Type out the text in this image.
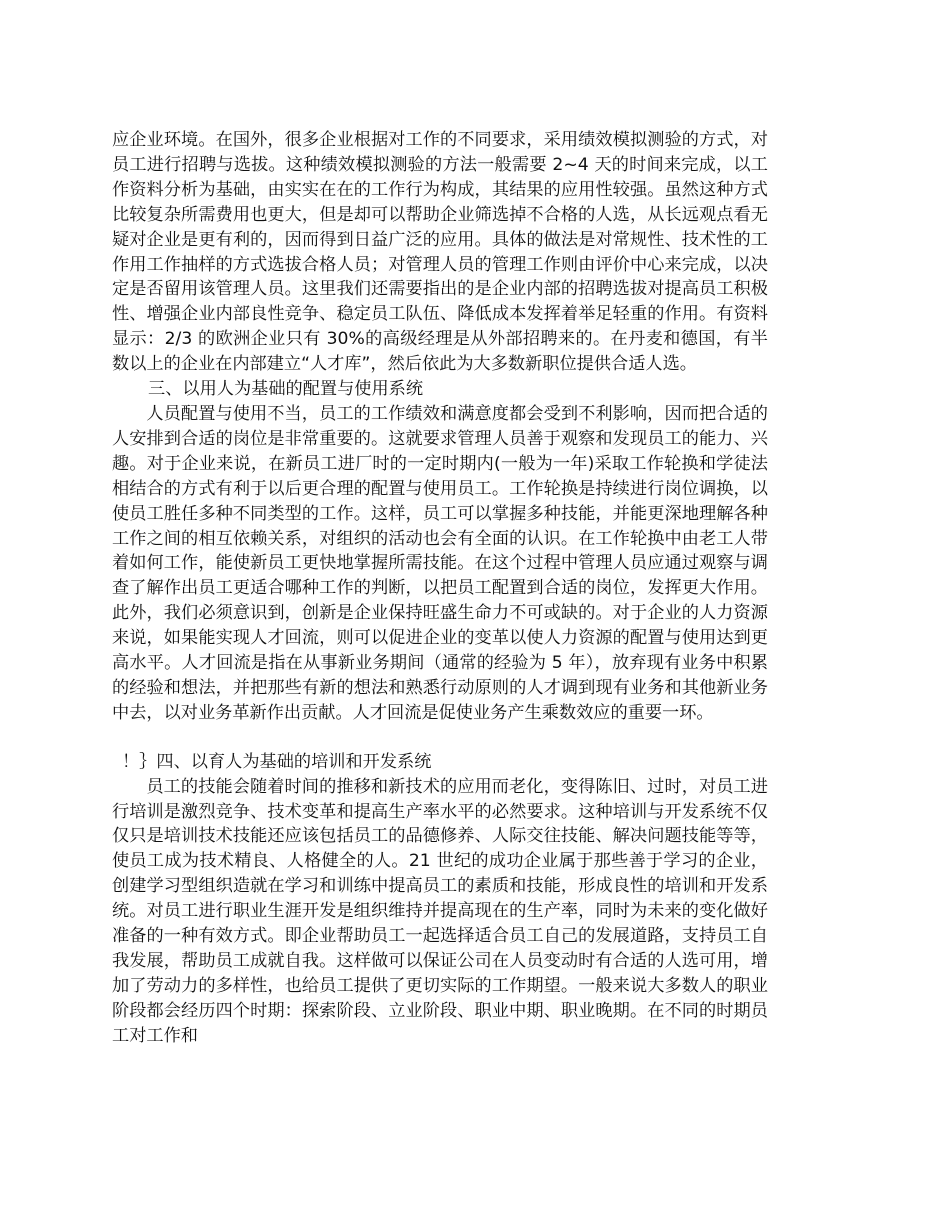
应企业环境。在国外，很多企业根据对工作的不同要求，采用绩效模拟测验的方式，对员工进行招聘与选拔。这种绩效模拟测验的方法一般需要 2~4 天的时间来完成，以工作资料分析为基础，由实实在在的工作行为构成，其结果的应用性较强。虽然这种方式比较复杂所需费用也更大，但是却可以帮助企业筛选掉不合格的人选，从长远观点看无疑对企业是更有利的，因而得到日益广泛的应用。具体的做法是对常规性、技术性的工作用工作抽样的方式选拔合格人员；对管理人员的管理工作则由评价中心来完成，以决定是否留用该管理人员。这里我们还需要指出的是企业内部的招聘选拔对提高员工积极性、增强企业内部良性竞争、稳定员工队伍、降低成本发挥着举足轻重的作用。有资料显示：2/3 的欧洲企业只有 30%的高级经理是从外部招聘来的。在丹麦和德国，有半数以上的企业在内部建立“人才库”，然后依此为大多数新职位提供合适人选。

三、以用人为基础的配置与使用系统

人员配置与使用不当，员工的工作绩效和满意度都会受到不利影响，因而把合适的人安排到合适的岗位是非常重要的。这就要求管理人员善于观察和发现员工的能力、兴趣。对于企业来说，在新员工进厂时的一定时期内(一般为一年)采取工作轮换和学徒法相结合的方式有利于以后更合理的配置与使用员工。工作轮换是持续进行岗位调换，以使员工胜任多种不同类型的工作。这样，员工可以掌握多种技能，并能更深地理解各种工作之间的相互依赖关系，对组织的活动也会有全面的认识。在工作轮换中由老工人带着如何工作，能使新员工更快地掌握所需技能。在这个过程中管理人员应通过观察与调查了解作出员工更适合哪种工作的判断，以把员工配置到合适的岗位，发挥更大作用。此外，我们必须意识到，创新是企业保持旺盛生命力不可或缺的。对于企业的人力资源来说，如果能实现人才回流，则可以促进企业的变革以使人力资源的配置与使用达到更高水平。人才回流是指在从事新业务期间（通常的经验为 5 年），放弃现有业务中积累的经验和想法，并把那些有新的想法和熟悉行动原则的人才调到现有业务和其他新业务中去，以对业务革新作出贡献。人才回流是促使业务产生乘数效应的重要一环。

！｝四、以育人为基础的培训和开发系统

员工的技能会随着时间的推移和新技术的应用而老化，变得陈旧、过时，对员工进行培训是激烈竞争、技术变革和提高生产率水平的必然要求。这种培训与开发系统不仅仅只是培训技术技能还应该包括员工的品德修养、人际交往技能、解决问题技能等等，使员工成为技术精良、人格健全的人。21 世纪的成功企业属于那些善于学习的企业，创建学习型组织造就在学习和训练中提高员工的素质和技能，形成良性的培训和开发系统。对员工进行职业生涯开发是组织维持并提高现在的生产率，同时为未来的变化做好准备的一种有效方式。即企业帮助员工一起选择适合员工自己的发展道路，支持员工自我发展，帮助员工成就自我。这样做可以保证公司在人员变动时有合适的人选可用，增加了劳动力的多样性，也给员工提供了更切实际的工作期望。一般来说大多数人的职业阶段都会经历四个时期：探索阶段、立业阶段、职业中期、职业晚期。在不同的时期员工对工作和
